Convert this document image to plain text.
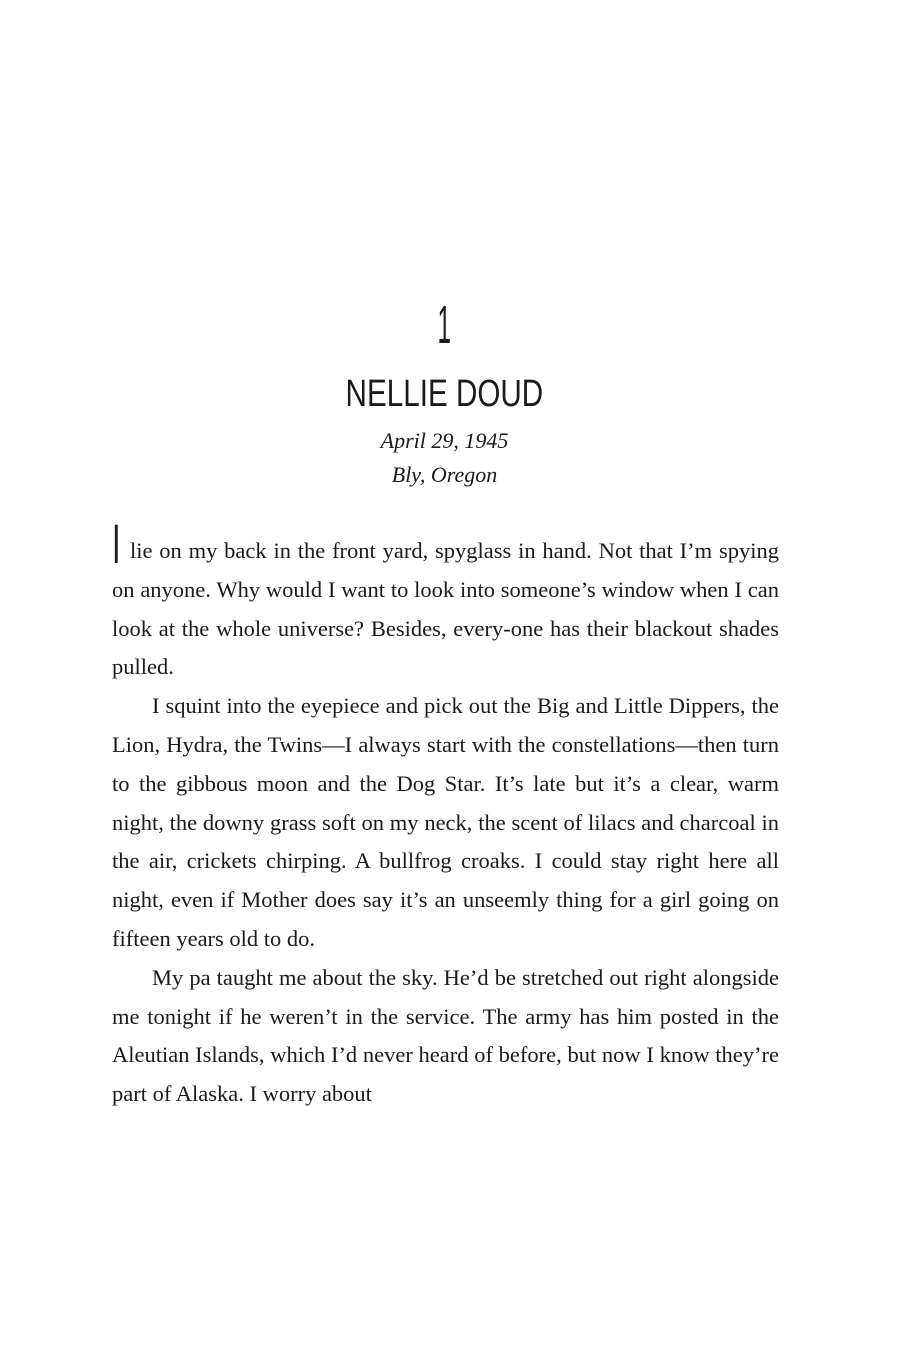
1
NELLIE DOUD
April 29, 1945
Bly, Oregon

I lie on my back in the front yard, spyglass in hand. Not that I’m spying on anyone. Why would I want to look into someone’s window when I can look at the whole universe? Besides, every-one has their blackout shades pulled.

I squint into the eyepiece and pick out the Big and Little Dippers, the Lion, Hydra, the Twins—I always start with the constellations—then turn to the gibbous moon and the Dog Star. It’s late but it’s a clear, warm night, the downy grass soft on my neck, the scent of lilacs and charcoal in the air, crickets chirping. A bullfrog croaks. I could stay right here all night, even if Mother does say it’s an unseemly thing for a girl going on fifteen years old to do.

My pa taught me about the sky. He’d be stretched out right alongside me tonight if he weren’t in the service. The army has him posted in the Aleutian Islands, which I’d never heard of before, but now I know they’re part of Alaska. I worry about
